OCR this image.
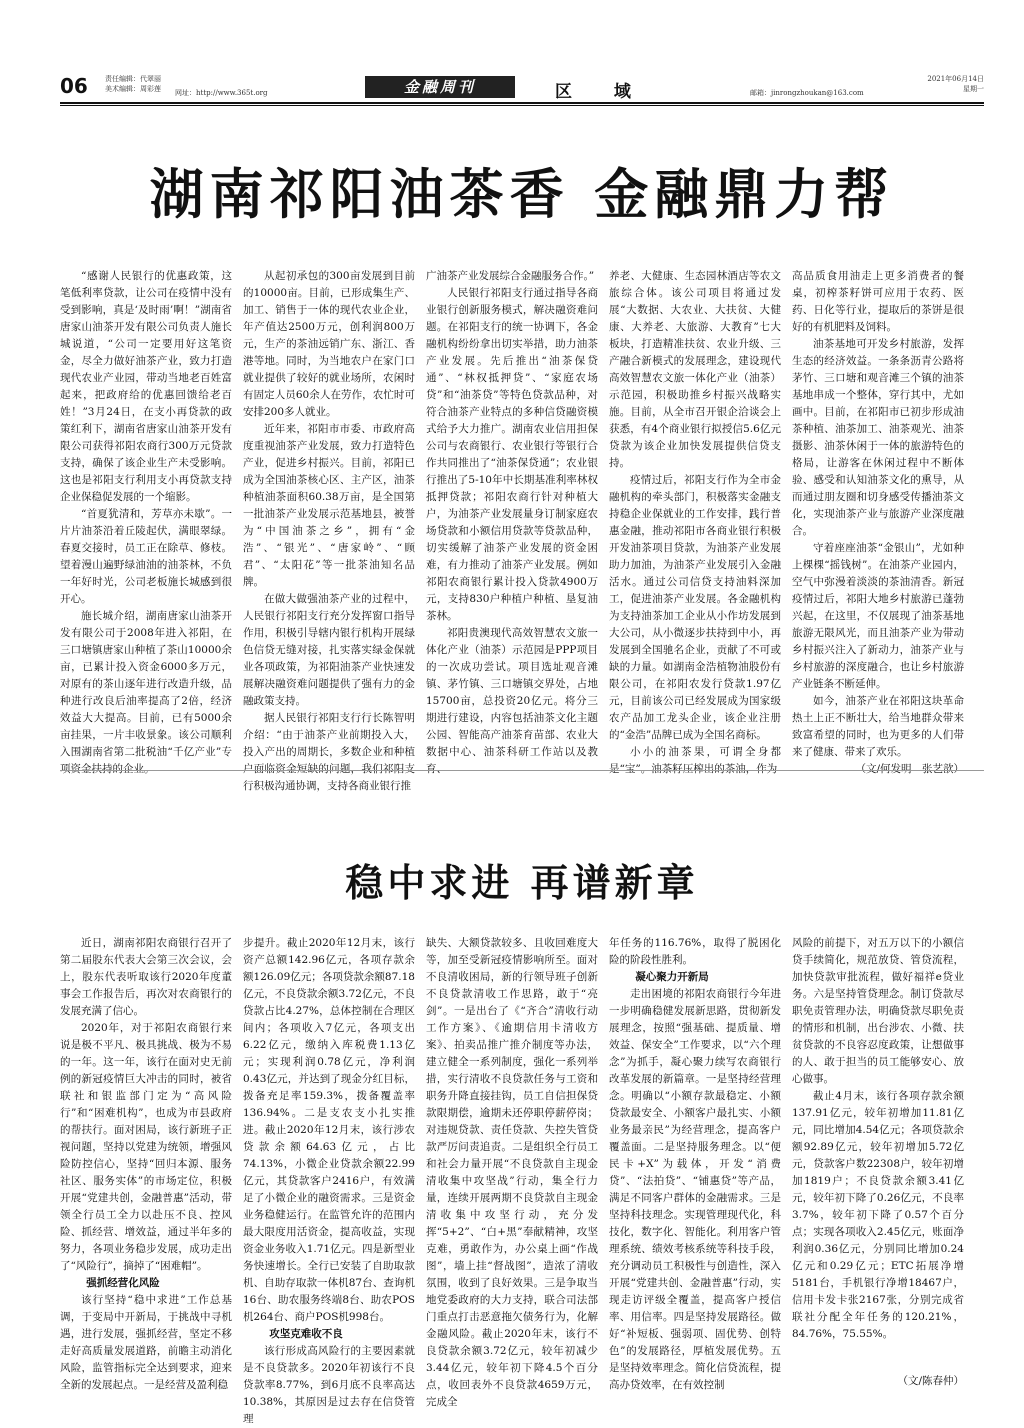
06 责任编辑：代翠丽
美术编辑：周彩莲 网址：http://www.365t.org	金融周刊	区 域	邮箱：jinrongzhoukan@163.com
2021年06月14日
星期一
湖南祁阳油茶香 金融鼎力帮

“感谢人民银行的优惠政策，这笔低利率贷款，让公司在疫情中没有受到影响，真是‘及时雨’啊！”湖南省唐家山油茶开发有限公司负责人施长城说道，“公司一定要用好这笔资金，尽全力做好油茶产业，致力打造现代农业产业园，带动当地老百姓富起来，把政府给的优惠回馈给老百姓！”3月24日，在支小再贷款的政策红利下，湖南省唐家山油茶开发有限公司获得祁阳农商行300万元贷款支持，确保了该企业生产未受影响。这也是祁阳支行利用支小再贷款支持企业保稳促发展的一个缩影。

“首夏犹清和，芳草亦未歇”。一片片油茶沿着丘陵起伏，满眼翠绿。春夏交接时，员工正在除草、修枝。望着漫山遍野绿油油的油茶林，不负一年好时光，公司老板施长城感到很开心。

施长城介绍，湖南唐家山油茶开发有限公司于2008年进入祁阳，在三口塘镇唐家山种植了茶山10000余亩，已累计投入资金6000多万元，对原有的茶山逐年进行改造升级，品种进行改良后油率提高了2倍，经济效益大大提高。目前，已有5000余亩挂果，一片丰收景象。该公司顺利入围湖南省第二批税油“千亿产业”专项资金扶持的企业。

从起初承包的300亩发展到目前的10000亩。目前，已形成集生产、加工、销售于一体的现代农业企业，年产值达2500万元，创利润800万元，生产的茶油远销广东、浙江、香港等地。同时，为当地农户在家门口就业提供了较好的就业场所，农闲时有固定人员60余人在劳作，农忙时可安排200多人就业。

近年来，祁阳市市委、市政府高度重视油茶产业发展，致力打造特色产业，促进乡村振兴。目前，祁阳已成为全国油茶核心区、主产区，油茶种植油茶面积60.38万亩，是全国第一批油茶产业发展示范基地县，被誉为“中国油茶之乡”，拥有“金浩”、“银光”、“唐家岭”、“顾君”、“太阳花”等一批茶油知名品牌。

在做大做强油茶产业的过程中，人民银行祁阳支行充分发挥窗口指导作用，积极引导辖内银行机构开展绿色信贷无缝对接，扎实落实绿金保就业各项政策，为祁阳油茶产业快速发展解决融资难问题提供了强有力的金融政策支持。

据人民银行祁阳支行行长陈智明介绍：“由于油茶产业前期投入大，投入产出的周期长，多数企业和种植户面临资金短缺的问题，我们祁阳支行积极沟通协调，支持各商业银行推

广油茶产业发展综合金融服务合作。”

人民银行祁阳支行通过指导各商业银行创新服务模式，解决融资难问题。在祁阳支行的统一协调下，各金融机构纷纷拿出切实举措，助力油茶产业发展。先后推出“油茶保贷通”、“林权抵押贷”、“家庭农场贷”和“油茶贷”等特色贷款品种，对符合油茶产业特点的多种信贷融资模式给予大力推广。湖南农业信用担保公司与农商银行、农业银行等银行合作共同推出了“油茶保贷通”；农业银行推出了5-10年中长期基准利率林权抵押贷款；祁阳农商行针对种植大户，为油茶产业发展量身订制家庭农场贷款和小额信用贷款等贷款品种，切实缓解了油茶产业发展的资金困难，有力推动了油茶产业发展。例如祁阳农商银行累计投入贷款4900万元，支持830户种植户种植、垦复油茶林。

祁阳贵澳现代高效智慧农文旅一体化产业（油茶）示范园是PPP项目的一次成功尝试。项目选址观音滩镇、茅竹镇、三口塘镇交界处，占地15700亩，总投资20亿元。将分三期进行建设，内容包括油茶文化主题公园、智能高产油茶育苗部、农业大数据中心、油茶科研工作站以及教育、

养老、大健康、生态园林酒店等农文旅综合体。该公司项目将通过发展“大数据、大农业、大扶贫、大健康、大养老、大旅游、大教育”七大板块，打造精准扶贫、农业升级、三产融合新模式的发展理念，建设现代高效智慧农文旅一体化产业（油茶）示范园，积极助推乡村振兴战略实施。目前，从全市召开银企洽谈会上获悉，有4个商业银行拟授信5.6亿元贷款为该企业加快发展提供信贷支持。

疫情过后，祁阳支行作为全市金融机构的牵头部门，积极落实金融支持稳企业保就业的工作安排，践行普惠金融，推动祁阳市各商业银行积极开发油茶项目贷款，为油茶产业发展助力加油，为油茶产业发展引入金融活水。通过公司信贷支持油料深加工，促进油茶产业发展。各金融机构为支持油茶加工企业从小作坊发展到大公司，从小微逐步扶持到中小，再发展到全国驰名企业，贡献了不可或缺的力量。如湖南金浩植物油股份有限公司，在祁阳农发行贷款1.97亿元，目前该公司已经发展成为国家级农产品加工龙头企业，该企业注册的“金浩”品牌已成为全国名商标。

小小的油茶果，可谓全身都是“宝”。油茶籽压榨出的茶油，作为

高品质食用油走上更多消费者的餐桌，初榨茶籽饼可应用于农药、医药、日化等行业，提取后的茶饼是很好的有机肥料及饲料。

油茶基地可开发乡村旅游，发挥生态的经济效益。一条条沥青公路将茅竹、三口塘和观音滩三个镇的油茶基地串成一个整体，穿行其中，尤如画中。目前，在祁阳市已初步形成油茶种植、油茶加工、油茶观光、油茶摄影、油茶休闲于一体的旅游特色的格局，让游客在休闲过程中不断体验、感受和认知油茶文化的熏导，从而通过朋友圈和切身感受传播油茶文化，实现油茶产业与旅游产业深度融合。

守着座座油茶“金银山”，尤如种上棵棵“摇钱树”。在油茶产业园内，空气中弥漫着淡淡的茶油清香。新冠疫情过后，祁阳大地乡村旅游已蓬勃兴起，在这里，不仅展现了油茶基地旅游无限风光，而且油茶产业为带动乡村振兴注入了新动力，油茶产业与乡村旅游的深度融合，也让乡村旅游产业链条不断延伸。

如今，油茶产业在祁阳这块革命热土上正不断壮大，给当地群众带来致富希望的同时，也为更多的人们带来了健康、带来了欢乐。

（文/何发明　张艺歆）

稳中求进 再谱新章

近日，湖南祁阳农商银行召开了第二届股东代表大会第三次会议，会上，股东代表听取该行2020年度董事会工作报告后，再次对农商银行的发展充满了信心。

2020年，对于祁阳农商银行来说是极不平凡、极具挑战、极为不易的一年。这一年，该行在面对史无前例的新冠疫情巨大冲击的同时，被省联社和银监部门定为“高风险行”和“困难机构”，也成为市县政府的帮扶行。面对困局，该行新班子正视问题，坚持以党建为统领，增强风险防控信心，坚持“回归本源、服务社区、服务实体”的市场定位，积极开展“党建共创，金融普惠”活动，带领全行员工全力以赴压不良、控风险、抓经营、增效益，通过半年多的努力，各项业务稳步发展，成功走出了“风险行”，摘掉了“困难帽”。

强抓经营化风险

该行坚持“稳中求进”工作总基调，于变局中开新局，于挑战中寻机遇，进行发展，强抓经营，坚定不移走好高质量发展道路，前瞻主动消化风险，监管指标完全达到要求，迎来全新的发展起点。一是经营及盈利稳

步提升。截止2020年12月末，该行资产总额142.96亿元，各项存款余额126.09亿元；各项贷款余额87.18亿元，不良贷款余额3.72亿元，不良贷款占比4.27%，总体控制在合理区间内；各项收入7亿元，各项支出6.22亿元，缴纳入库税费1.13亿元；实现利润0.78亿元，净利润0.43亿元，并达到了现金分红目标，拨备充足率159.3%，拨备覆盖率136.94%。二是支农支小扎实推进。截止2020年12月末，该行涉农贷款余额64.63亿元，占比74.13%，小微企业贷款余额22.99亿元，其贷款客户2416户，有效满足了小微企业的融资需求。三是资金业务稳健运行。在监管允许的范围内最大限度用活资金，提高收益，实现资金业务收入1.71亿元。四是新型业务快速增长。全行已安装了自助取款机、自助存取款一体机87台、查询机16台、助农服务终端8台、助农POS机264台、商户POS机998台。

攻坚克难收不良

该行形成高风险行的主要因素就是不良贷款多。2020年初该行不良贷款率8.77%，到6月底不良率高达10.38%，其原因是过去存在信贷管理

缺失、大额贷款较多、且收回难度大等，加至受新冠疫情影响所至。面对不良清收困局，新的行领导班子创新不良贷款清收工作思路，敢于“亮剑”。一是出台了《“齐合”清收行动工作方案》、《逾期信用卡清收方案》、拍卖品推广推介制度等办法，建立健全一系列制度，强化一系列举措，实行清收不良贷款任务与工资和职务升降直接挂钩，员工自信担保贷款限期偿，逾期未还停职停薪停岗；对违规贷款、责任贷款、失控失管贷款严厉问责追责。二是组织全行员工和社会力量开展“不良贷款自主现金清收集中攻坚战”行动，集全行力量，连续开展两期不良贷款自主现金清收集中攻坚行动，充分发挥“5+2”、“白+黑”奉献精神，攻坚克难，勇敢作为，办公桌上画“作战图”，墙上挂“督战图”，造浓了清收氛围，收到了良好效果。三是争取当地党委政府的大力支持，联合司法部门重点打击恶意拖欠债务行为，化解金融风险。截止2020年末，该行不良贷款余额3.72亿元，较年初减少3.44亿元，较年初下降4.5个百分点，收回表外不良贷款4659万元，完成全

年任务的116.76%，取得了脱困化险的阶段性胜利。

凝心聚力开新局

走出困境的祁阳农商银行今年进一步明确稳健发展新思路，贯彻新发展理念，按照“强基础、提质量、增效益、保安全”工作要求，以“六个理念”为抓手，凝心聚力续写农商银行改革发展的新篇章。一是坚持经营理念。明确以“小额存款最稳定、小额贷款最安全、小额客户最扎实、小额业务最亲民”为经营理念，提高客户覆盖面。二是坚持服务理念。以“便民卡+X”为载体，开发“消费贷”、“法拍贷”、“铺惠贷”等产品，满足不同客户群体的金融需求。三是坚持科技理念。实现管理现代化，科技化，数字化、智能化。利用客户管理系统、绩效考核系统等科技手段，充分调动员工积极性与创造性，深入开展“党建共创、金融普惠”行动，实现走访评级全覆盖，提高客户授信率、用信率。四是坚持发展路径。做好“补短板、强弱项、固优势、创特色”的发展路径，厚植发展优势。五是坚持效率理念。简化信贷流程，提高办贷效率，在有效控制

风险的前提下，对五万以下的小额信贷手续简化，规范放贷、管贷流程，加快贷款审批流程，做好福祥e贷业务。六是坚持管贷理念。制订贷款尽职免责管理办法，明确贷款尽职免责的情形和机制，出台涉农、小微、扶贫贷款的不良容忍度政策，让想做事的人、敢于担当的员工能够安心、放心做事。

截止4月末，该行各项存款余额137.91亿元，较年初增加11.81亿元，同比增加4.54亿元；各项贷款余额92.89亿元，较年初增加5.72亿元，贷款客户数22308户，较年初增加1819户；不良贷款余额3.41亿元，较年初下降了0.26亿元，不良率3.7%，较年初下降了0.57个百分点；实现各项收入2.45亿元，账面净利润0.36亿元，分别同比增加0.24亿元和0.29亿元；ETC拓展净增5181台，手机银行净增18467户，信用卡发卡张2167张，分别完成省联社分配全年任务的120.21%，84.76%，75.55%。

（文/陈春仲）
